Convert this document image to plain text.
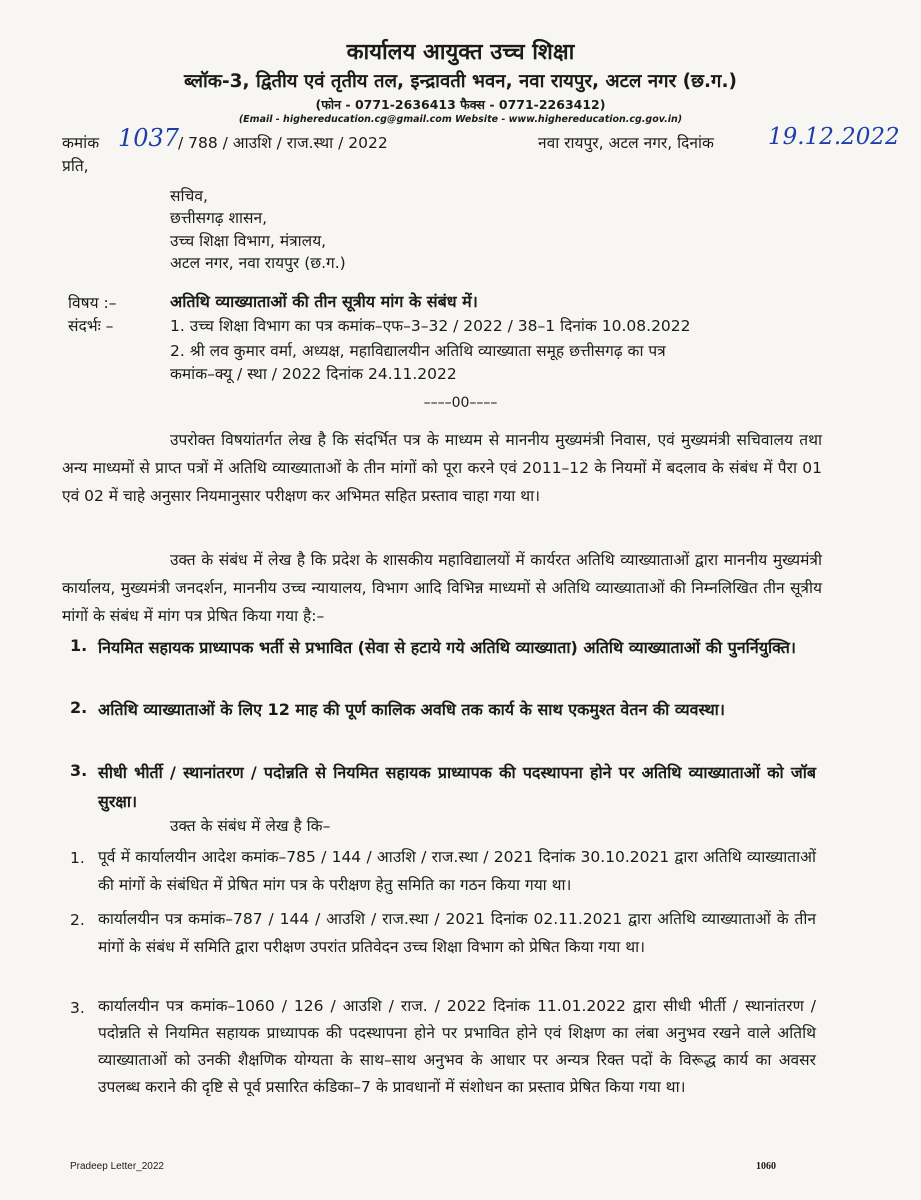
कार्यालय आयुक्त उच्च शिक्षा
ब्लॉक-3, द्वितीय एवं तृतीय तल, इन्द्रावती भवन, नवा रायपुर, अटल नगर (छ.ग.)
(फोन - 0771-2636413 फैक्स - 0771-2263412)
(Email - highereducation.cg@gmail.com Website - www.highereducation.cg.gov.in)
कमांक 1037
/ 788 / आउशि / राज.स्था / 2022	नवा रायपुर, अटल नगर, दिनांक 19.12.2022
प्रति,
सचिव,
छत्तीसगढ़ शासन,
उच्च शिक्षा विभाग, मंत्रालय,
अटल नगर, नवा रायपुर (छ.ग.)
विषय :–	अतिथि व्याख्याताओं की तीन सूत्रीय मांग के संबंध में।
संदर्भः –	1. उच्च शिक्षा विभाग का पत्र कमांक–एफ–3–32 / 2022 / 38–1 दिनांक 10.08.2022
2. श्री लव कुमार वर्मा, अध्यक्ष, महाविद्यालयीन अतिथि व्याख्याता समूह छत्तीसगढ़ का पत्र
कमांक–क्यू / स्था / 2022 दिनांक 24.11.2022
––––00––––
उपरोक्त विषयांतर्गत लेख है कि संदर्भित पत्र के माध्यम से माननीय मुख्यमंत्री निवास, एवं मुख्यमंत्री सचिवालय तथा अन्य माध्यमों से प्राप्त पत्रों में अतिथि व्याख्याताओं के तीन मांगों को पूरा करने एवं 2011–12 के नियमों में बदलाव के संबंध में पैरा 01 एवं 02 में चाहे अनुसार नियमानुसार परीक्षण कर अभिमत सहित प्रस्ताव चाहा गया था।
उक्त के संबंध में लेख है कि प्रदेश के शासकीय महाविद्यालयों में कार्यरत अतिथि व्याख्याताओं द्वारा माननीय मुख्यमंत्री कार्यालय, मुख्यमंत्री जनदर्शन, माननीय उच्च न्यायालय, विभाग आदि विभिन्न माध्यमों से अतिथि व्याख्याताओं की निम्नलिखित तीन सूत्रीय मांगों के संबंध में मांग पत्र प्रेषित किया गया है:–
1. नियमित सहायक प्राध्यापक भर्ती से प्रभावित (सेवा से हटाये गये अतिथि व्याख्याता) अतिथि व्याख्याताओं की पुनर्नियुक्ति।
2. अतिथि व्याख्याताओं के लिए 12 माह की पूर्ण कालिक अवधि तक कार्य के साथ एकमुश्त वेतन की व्यवस्था।
3. सीधी भीर्ती / स्थानांतरण / पदोन्नति से नियमित सहायक प्राध्यापक की पदस्थापना होने पर अतिथि व्याख्याताओं को जॉब सुरक्षा।
उक्त के संबंध में लेख है कि–
1. पूर्व में कार्यालयीन आदेश कमांक–785 / 144 / आउशि / राज.स्था / 2021 दिनांक 30.10.2021 द्वारा अतिथि व्याख्याताओं की मांगों के संबंधित में प्रेषित मांग पत्र के परीक्षण हेतु समिति का गठन किया गया था।
2. कार्यालयीन पत्र कमांक–787 / 144 / आउशि / राज.स्था / 2021 दिनांक 02.11.2021 द्वारा अतिथि व्याख्याताओं के तीन मांगों के संबंध में समिति द्वारा परीक्षण उपरांत प्रतिवेदन उच्च शिक्षा विभाग को प्रेषित किया गया था।
3. कार्यालयीन पत्र कमांक–1060 / 126 / आउशि / राज. / 2022 दिनांक 11.01.2022 द्वारा सीधी भीर्ती / स्थानांतरण / पदोन्नति से नियमित सहायक प्राध्यापक की पदस्थापना होने पर प्रभावित होने एवं शिक्षण का लंबा अनुभव रखने वाले अतिथि व्याख्याताओं को उनकी शैक्षणिक योग्यता के साथ–साथ अनुभव के आधार पर अन्यत्र रिक्त पदों के विरूद्ध कार्य का अवसर उपलब्ध कराने की दृष्टि से पूर्व प्रसारित कंडिका–7 के प्रावधानों में संशोधन का प्रस्ताव प्रेषित किया गया था।
Pradeep Letter_2022	1060
